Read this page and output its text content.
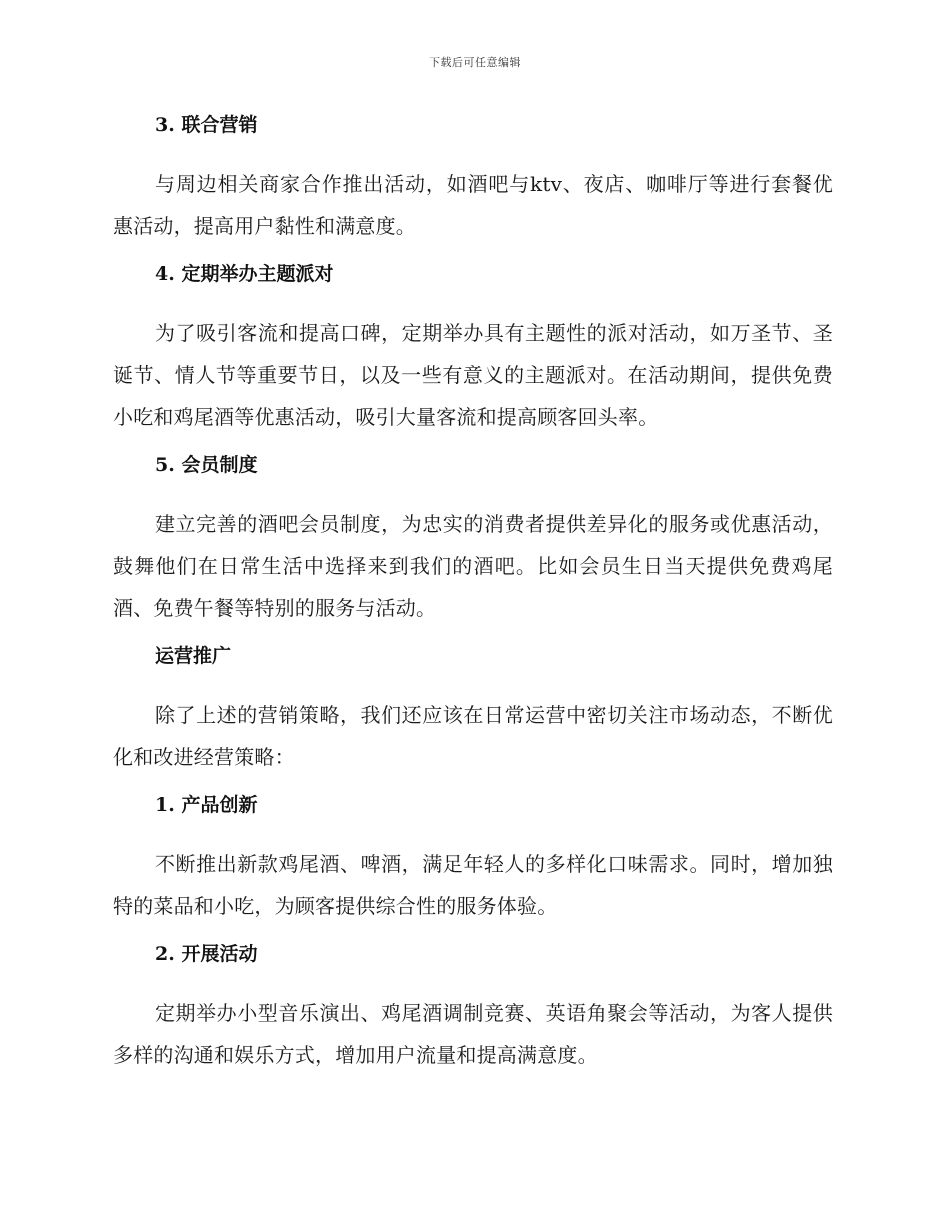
下载后可任意编辑
3. 联合营销

与周边相关商家合作推出活动，如酒吧与ktv、夜店、咖啡厅等进行套餐优惠活动，提高用户黏性和满意度。

4. 定期举办主题派对

为了吸引客流和提高口碑，定期举办具有主题性的派对活动，如万圣节、圣诞节、情人节等重要节日，以及一些有意义的主题派对。在活动期间，提供免费小吃和鸡尾酒等优惠活动，吸引大量客流和提高顾客回头率。

5. 会员制度

建立完善的酒吧会员制度，为忠实的消费者提供差异化的服务或优惠活动，鼓舞他们在日常生活中选择来到我们的酒吧。比如会员生日当天提供免费鸡尾酒、免费午餐等特别的服务与活动。

运营推广

除了上述的营销策略，我们还应该在日常运营中密切关注市场动态，不断优化和改进经营策略：

1. 产品创新

不断推出新款鸡尾酒、啤酒，满足年轻人的多样化口味需求。同时，增加独特的菜品和小吃，为顾客提供综合性的服务体验。

2. 开展活动

定期举办小型音乐演出、鸡尾酒调制竞赛、英语角聚会等活动，为客人提供多样的沟通和娱乐方式，增加用户流量和提高满意度。
